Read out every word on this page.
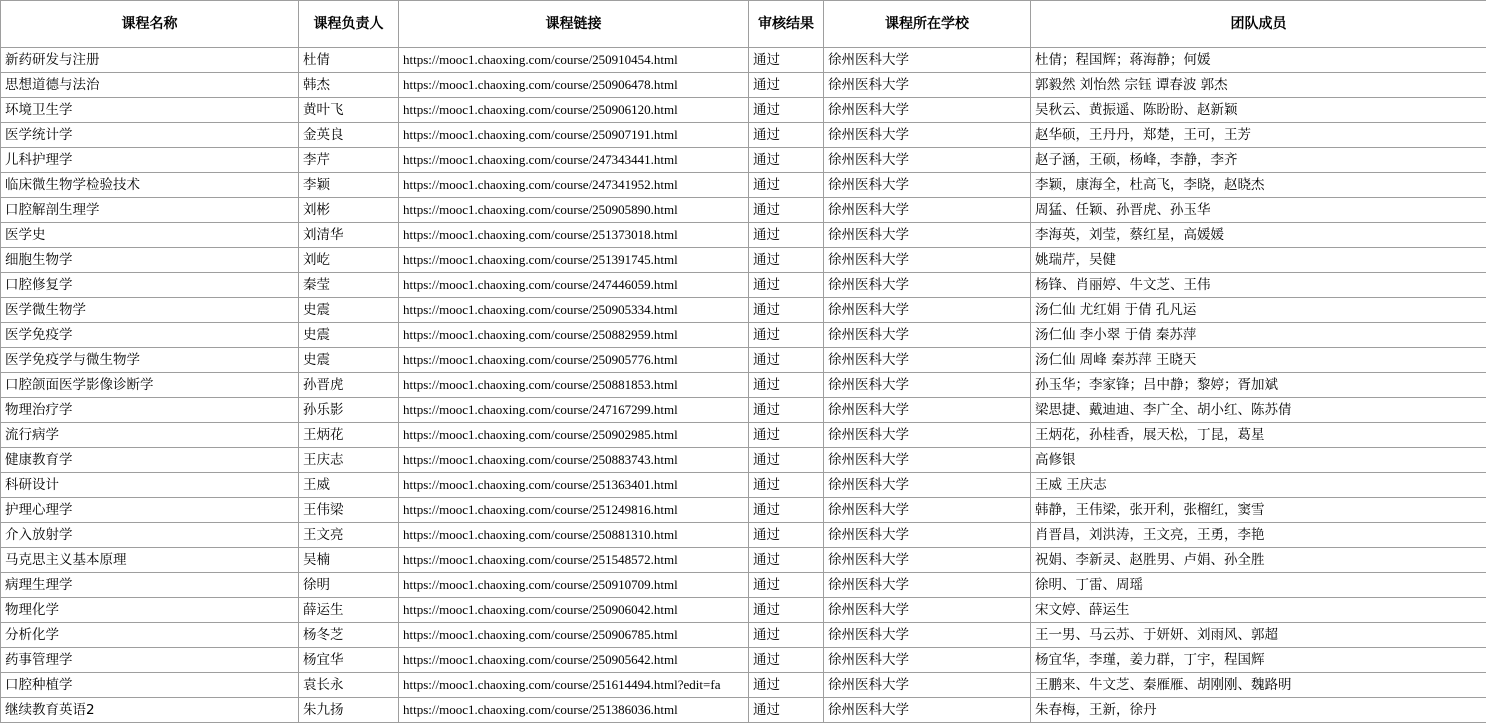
课程名称	课程负责人	课程链接	审核结果	课程所在学校	团队成员
新药研发与注册	杜倩	https://mooc1.chaoxing.com/course/250910454.html	通过	徐州医科大学	杜倩；程国辉；蒋海静；何媛
思想道德与法治	韩杰	https://mooc1.chaoxing.com/course/250906478.html	通过	徐州医科大学	郭毅然 刘怡然 宗钰 谭春波 郭杰
环境卫生学	黄叶飞	https://mooc1.chaoxing.com/course/250906120.html	通过	徐州医科大学	吴秋云、黄振遥、陈盼盼、赵新颖
医学统计学	金英良	https://mooc1.chaoxing.com/course/250907191.html	通过	徐州医科大学	赵华硕，王丹丹，郑楚，王可，王芳
儿科护理学	李芹	https://mooc1.chaoxing.com/course/247343441.html	通过	徐州医科大学	赵子涵，王硕，杨峰，李静，李齐
临床微生物学检验技术	李颖	https://mooc1.chaoxing.com/course/247341952.html	通过	徐州医科大学	李颖，康海全，杜高飞，李晓，赵晓杰
口腔解剖生理学	刘彬	https://mooc1.chaoxing.com/course/250905890.html	通过	徐州医科大学	周猛、任颖、孙晋虎、孙玉华
医学史	刘清华	https://mooc1.chaoxing.com/course/251373018.html	通过	徐州医科大学	李海英，刘莹，蔡红星，高媛媛
细胞生物学	刘屹	https://mooc1.chaoxing.com/course/251391745.html	通过	徐州医科大学	姚瑞芹，吴健
口腔修复学	秦莹	https://mooc1.chaoxing.com/course/247446059.html	通过	徐州医科大学	杨锋、肖丽婷、牛文芝、王伟
医学微生物学	史震	https://mooc1.chaoxing.com/course/250905334.html	通过	徐州医科大学	汤仁仙 尤红娟 于倩 孔凡运
医学免疫学	史震	https://mooc1.chaoxing.com/course/250882959.html	通过	徐州医科大学	汤仁仙 李小翠 于倩 秦苏萍
医学免疫学与微生物学	史震	https://mooc1.chaoxing.com/course/250905776.html	通过	徐州医科大学	汤仁仙 周峰 秦苏萍 王晓天
口腔颌面医学影像诊断学	孙晋虎	https://mooc1.chaoxing.com/course/250881853.html	通过	徐州医科大学	孙玉华；李家锋；吕中静；黎婷；胥加斌
物理治疗学	孙乐影	https://mooc1.chaoxing.com/course/247167299.html	通过	徐州医科大学	梁思捷、戴迪迪、李广全、胡小红、陈苏倩
流行病学	王炳花	https://mooc1.chaoxing.com/course/250902985.html	通过	徐州医科大学	王炳花，孙桂香，展天松，丁昆，葛星
健康教育学	王庆志	https://mooc1.chaoxing.com/course/250883743.html	通过	徐州医科大学	高修银
科研设计	王威	https://mooc1.chaoxing.com/course/251363401.html	通过	徐州医科大学	王威 王庆志
护理心理学	王伟梁	https://mooc1.chaoxing.com/course/251249816.html	通过	徐州医科大学	韩静，王伟梁，张开利，张榴红，窦雪
介入放射学	王文亮	https://mooc1.chaoxing.com/course/250881310.html	通过	徐州医科大学	肖晋昌，刘洪涛，王文亮，王勇，李艳
马克思主义基本原理	吴楠	https://mooc1.chaoxing.com/course/251548572.html	通过	徐州医科大学	祝娟、李新灵、赵胜男、卢娟、孙全胜
病理生理学	徐明	https://mooc1.chaoxing.com/course/250910709.html	通过	徐州医科大学	徐明、丁雷、周瑶
物理化学	薛运生	https://mooc1.chaoxing.com/course/250906042.html	通过	徐州医科大学	宋文婷、薛运生
分析化学	杨冬芝	https://mooc1.chaoxing.com/course/250906785.html	通过	徐州医科大学	王一男、马云苏、于妍妍、刘雨风、郭超
药事管理学	杨宜华	https://mooc1.chaoxing.com/course/250905642.html	通过	徐州医科大学	杨宜华，李瑾，姜力群，丁宇，程国辉
口腔种植学	袁长永	https://mooc1.chaoxing.com/course/251614494.html?edit=fa	通过	徐州医科大学	王鹏来、牛文芝、秦雁雁、胡刚刚、魏路明
继续教育英语2	朱九扬	https://mooc1.chaoxing.com/course/251386036.html	通过	徐州医科大学	朱春梅，王新，徐丹
